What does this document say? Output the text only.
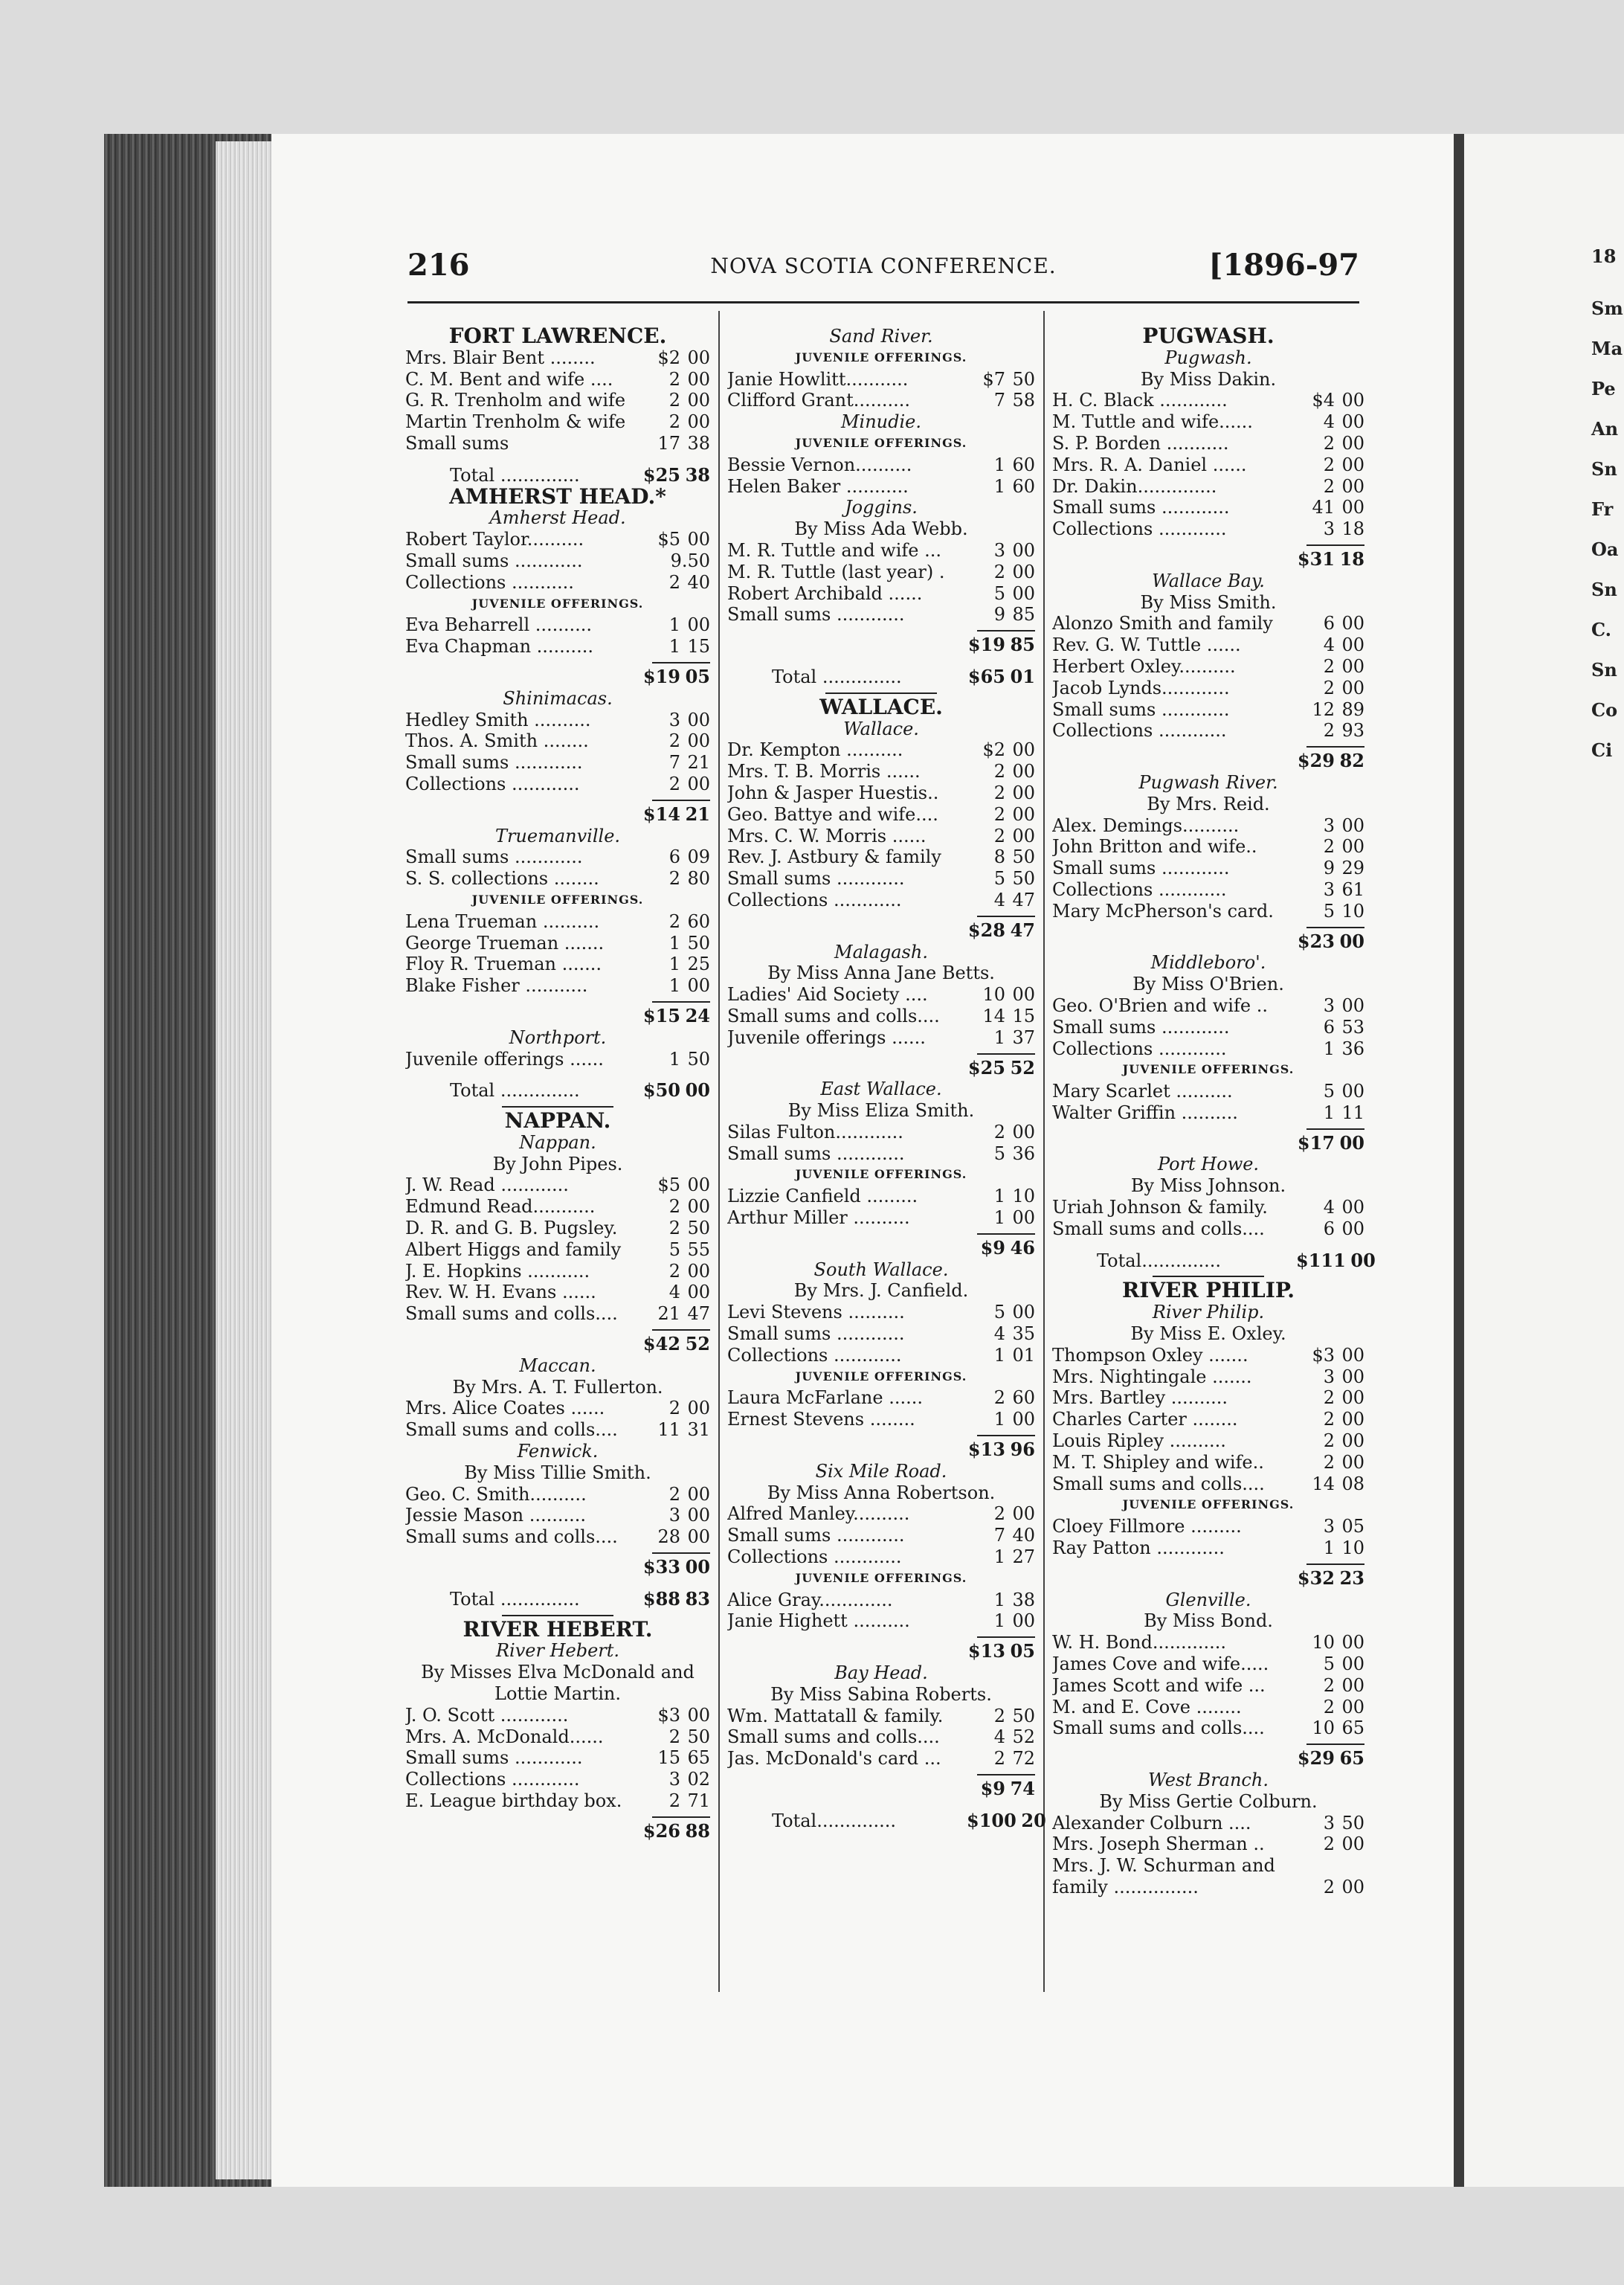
18
Sm
Ma
Pe
An
Sn
Fr
Oa
Sn
C.
Sn
Co
Ci
216	NOVA SCOTIA CONFERENCE.	[1896-97
FORT LAWRENCE.
Mrs. Blair Bent ........	$2 00
C. M. Bent and wife ....	2 00
G. R. Trenholm and wife	2 00
Martin Trenholm & wife	2 00
Small sums	17 38
Total ..............	$25 38
AMHERST HEAD.*
Amherst Head.
Robert Taylor..........	$5 00
Small sums ............	9.50
Collections ...........	2 40
JUVENILE OFFERINGS.
Eva Beharrell ..........	1 00
Eva Chapman ..........	1 15
$19 05
Shinimacas.
Hedley Smith ..........	3 00
Thos. A. Smith ........	2 00
Small sums ............	7 21
Collections ............	2 00
$14 21
Truemanville.
Small sums ............	6 09
S. S. collections ........	2 80
JUVENILE OFFERINGS.
Lena Trueman ..........	2 60
George Trueman .......	1 50
Floy R. Trueman .......	1 25
Blake Fisher ...........	1 00
$15 24
Northport.
Juvenile offerings ......	1 50
Total ..............	$50 00
NAPPAN.
Nappan.
By John Pipes.
J. W. Read ............	$5 00
Edmund Read...........	2 00
D. R. and G. B. Pugsley.	2 50
Albert Higgs and family	5 55
J. E. Hopkins ...........	2 00
Rev. W. H. Evans ......	4 00
Small sums and colls....	21 47
$42 52
Maccan.
By Mrs. A. T. Fullerton.
Mrs. Alice Coates ......	2 00
Small sums and colls....	11 31
Fenwick.
By Miss Tillie Smith.
Geo. C. Smith..........	2 00
Jessie Mason ..........	3 00
Small sums and colls....	28 00
$33 00
Total ..............	$88 83
RIVER HEBERT.
River Hebert.
By Misses Elva McDonald and
Lottie Martin.
J. O. Scott ............	$3 00
Mrs. A. McDonald......	2 50
Small sums ............	15 65
Collections ............	3 02
E. League birthday box.	2 71
$26 88
Sand River.
JUVENILE OFFERINGS.
Janie Howlitt...........	$7 50
Clifford Grant..........	7 58
Minudie.
JUVENILE OFFERINGS.
Bessie Vernon..........	1 60
Helen Baker ...........	1 60
Joggins.
By Miss Ada Webb.
M. R. Tuttle and wife ...	3 00
M. R. Tuttle (last year) .	2 00
Robert Archibald ......	5 00
Small sums ............	9 85
$19 85
Total ..............	$65 01
WALLACE.
Wallace.
Dr. Kempton ..........	$2 00
Mrs. T. B. Morris ......	2 00
John & Jasper Huestis..	2 00
Geo. Battye and wife....	2 00
Mrs. C. W. Morris ......	2 00
Rev. J. Astbury & family	8 50
Small sums ............	5 50
Collections ............	4 47
$28 47
Malagash.
By Miss Anna Jane Betts.
Ladies' Aid Society ....	10 00
Small sums and colls....	14 15
Juvenile offerings ......	1 37
$25 52
East Wallace.
By Miss Eliza Smith.
Silas Fulton............	2 00
Small sums ............	5 36
JUVENILE OFFERINGS.
Lizzie Canfield .........	1 10
Arthur Miller ..........	1 00
$9 46
South Wallace.
By Mrs. J. Canfield.
Levi Stevens ..........	5 00
Small sums ............	4 35
Collections ............	1 01
JUVENILE OFFERINGS.
Laura McFarlane ......	2 60
Ernest Stevens ........	1 00
$13 96
Six Mile Road.
By Miss Anna Robertson.
Alfred Manley..........	2 00
Small sums ............	7 40
Collections ............	1 27
JUVENILE OFFERINGS.
Alice Gray.............	1 38
Janie Highett ..........	1 00
$13 05
Bay Head.
By Miss Sabina Roberts.
Wm. Mattatall & family.	2 50
Small sums and colls....	4 52
Jas. McDonald's card ...	2 72
$9 74
Total..............	$100 20
PUGWASH.
Pugwash.
By Miss Dakin.
H. C. Black ............	$4 00
M. Tuttle and wife......	4 00
S. P. Borden ...........	2 00
Mrs. R. A. Daniel ......	2 00
Dr. Dakin..............	2 00
Small sums ............	41 00
Collections ............	3 18
$31 18
Wallace Bay.
By Miss Smith.
Alonzo Smith and family	6 00
Rev. G. W. Tuttle ......	4 00
Herbert Oxley..........	2 00
Jacob Lynds............	2 00
Small sums ............	12 89
Collections ............	2 93
$29 82
Pugwash River.
By Mrs. Reid.
Alex. Demings..........	3 00
John Britton and wife..	2 00
Small sums ............	9 29
Collections ............	3 61
Mary McPherson's card.	5 10
$23 00
Middleboro'.
By Miss O'Brien.
Geo. O'Brien and wife ..	3 00
Small sums ............	6 53
Collections ............	1 36
JUVENILE OFFERINGS.
Mary Scarlet ..........	5 00
Walter Griffin ..........	1 11
$17 00
Port Howe.
By Miss Johnson.
Uriah Johnson & family.	4 00
Small sums and colls....	6 00
Total..............	$111 00
RIVER PHILIP.
River Philip.
By Miss E. Oxley.
Thompson Oxley .......	$3 00
Mrs. Nightingale .......	3 00
Mrs. Bartley ..........	2 00
Charles Carter ........	2 00
Louis Ripley ..........	2 00
M. T. Shipley and wife..	2 00
Small sums and colls....	14 08
JUVENILE OFFERINGS.
Cloey Fillmore .........	3 05
Ray Patton ............	1 10
$32 23
Glenville.
By Miss Bond.
W. H. Bond.............	10 00
James Cove and wife.....	5 00
James Scott and wife ...	2 00
M. and E. Cove ........	2 00
Small sums and colls....	10 65
$29 65
West Branch.
By Miss Gertie Colburn.
Alexander Colburn ....	3 50
Mrs. Joseph Sherman ..	2 00
Mrs. J. W. Schurman and
family ...............	2 00
